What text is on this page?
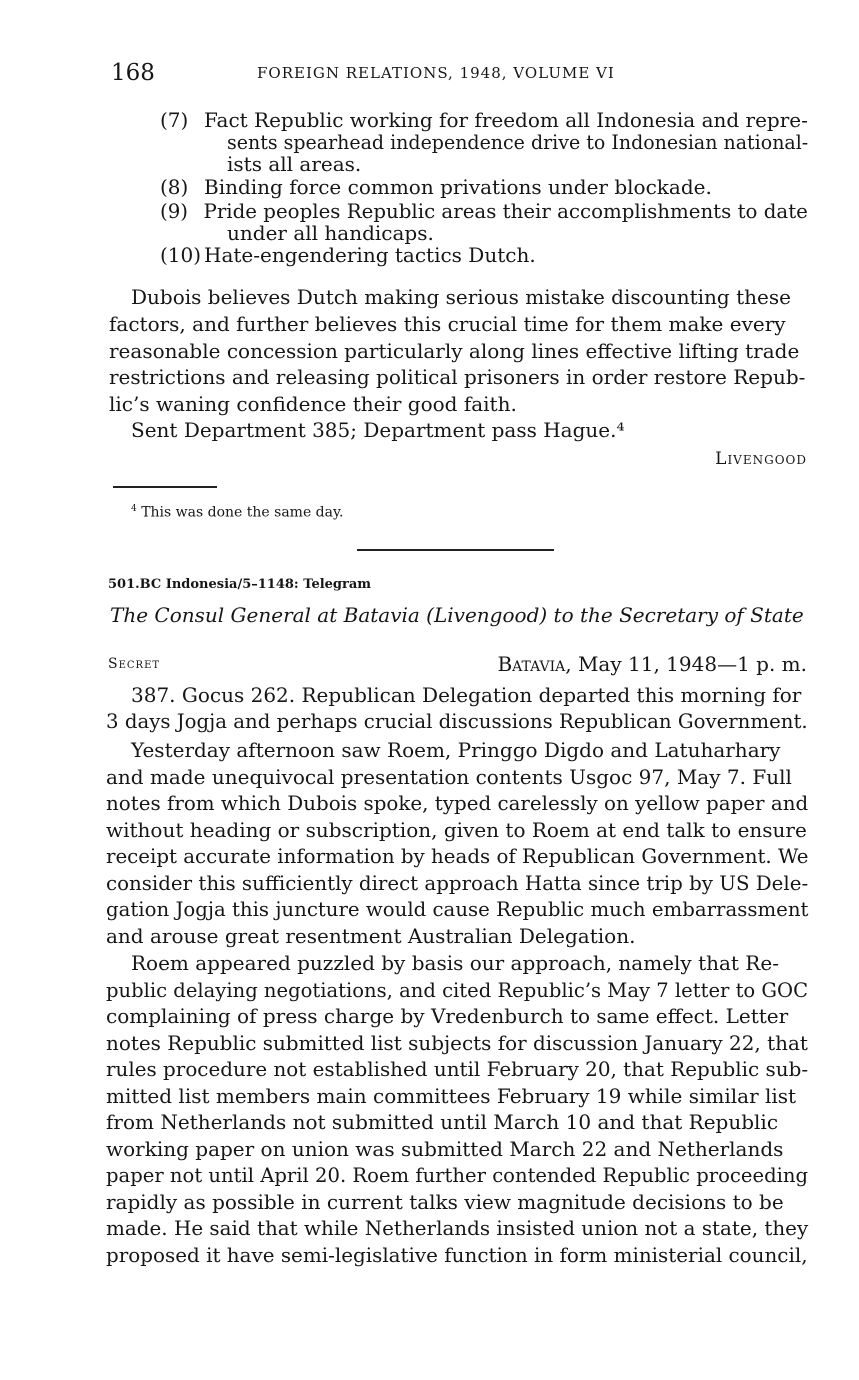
168	FOREIGN RELATIONS, 1948, VOLUME VI
(7) Fact Republic working for freedom all Indonesia and repre-
sents spearhead independence drive to Indonesian national-
ists all areas.
(8) Binding force common privations under blockade.
(9) Pride peoples Republic areas their accomplishments to date
under all handicaps.
(10) Hate-engendering tactics Dutch.
Dubois believes Dutch making serious mistake discounting these
factors, and further believes this crucial time for them make every
reasonable concession particularly along lines effective lifting trade
restrictions and releasing political prisoners in order restore Repub-
lic’s waning confidence their good faith.
Sent Department 385; Department pass Hague.⁴
Livengood
$^4$ This was done the same day.
501.BC Indonesia/5–1148: Telegram
The Consul General at Batavia (Livengood) to the Secretary of State
Secret	Batavia, May 11, 1948—1 p. m.
387. Gocus 262. Republican Delegation departed this morning for
3 days Jogja and perhaps crucial discussions Republican Government.
Yesterday afternoon saw Roem, Pringgo Digdo and Latuharhary
and made unequivocal presentation contents Usgoc 97, May 7. Full
notes from which Dubois spoke, typed carelessly on yellow paper and
without heading or subscription, given to Roem at end talk to ensure
receipt accurate information by heads of Republican Government. We
consider this sufficiently direct approach Hatta since trip by US Dele-
gation Jogja this juncture would cause Republic much embarrassment
and arouse great resentment Australian Delegation.
Roem appeared puzzled by basis our approach, namely that Re-
public delaying negotiations, and cited Republic’s May 7 letter to GOC
complaining of press charge by Vredenburch to same effect. Letter
notes Republic submitted list subjects for discussion January 22, that
rules procedure not established until February 20, that Republic sub-
mitted list members main committees February 19 while similar list
from Netherlands not submitted until March 10 and that Republic
working paper on union was submitted March 22 and Netherlands
paper not until April 20. Roem further contended Republic proceeding
rapidly as possible in current talks view magnitude decisions to be
made. He said that while Netherlands insisted union not a state, they
proposed it have semi-legislative function in form ministerial council,
